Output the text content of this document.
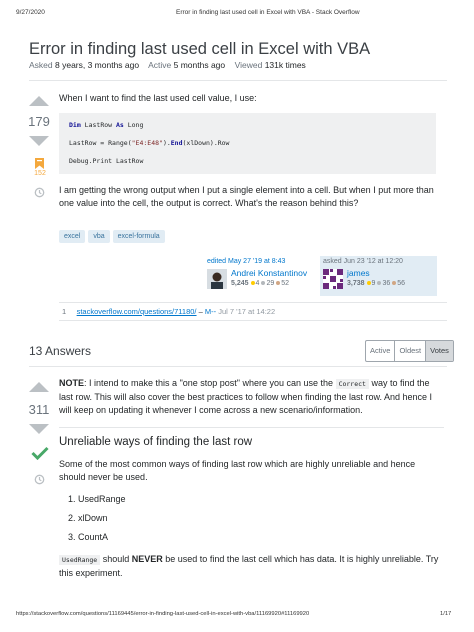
9/27/2020	Error in finding last used cell in Excel with VBA - Stack Overflow
Error in finding last used cell in Excel with VBA
Asked 8 years, 3 months ago Active 5 months ago Viewed 131k times
179
152
When I want to find the last used cell value, I use:
Dim LastRow As Long
LastRow = Range("E4:E48").End(xlDown).Row
Debug.Print LastRow
I am getting the wrong output when I put a single element into a cell. But when I put more than one value into the cell, the output is correct. What's the reason behind this?
excel vba excel-formula
edited May 27 '19 at 8:43
Andrei Konstantinov
5,245 4 29 52
asked Jun 23 '12 at 12:20
james
3,738 9 36 56
1 stackoverflow.com/questions/71180/ – M-- Jul 7 '17 at 14:22
13 Answers	Active	Oldest	Votes
311
NOTE: I intend to make this a "one stop post" where you can use the Correct way to find the last row. This will also cover the best practices to follow when finding the last row. And hence I will keep on updating it whenever I come across a new scenario/information.
Unreliable ways of finding the last row
Some of the most common ways of finding last row which are highly unreliable and hence should never be used.
1. UsedRange
2. xlDown
3. CountA
UsedRange should NEVER be used to find the last cell which has data. It is highly unreliable. Try this experiment.
https://stackoverflow.com/questions/11169445/error-in-finding-last-used-cell-in-excel-with-vba/11169920#11169920	1/17
